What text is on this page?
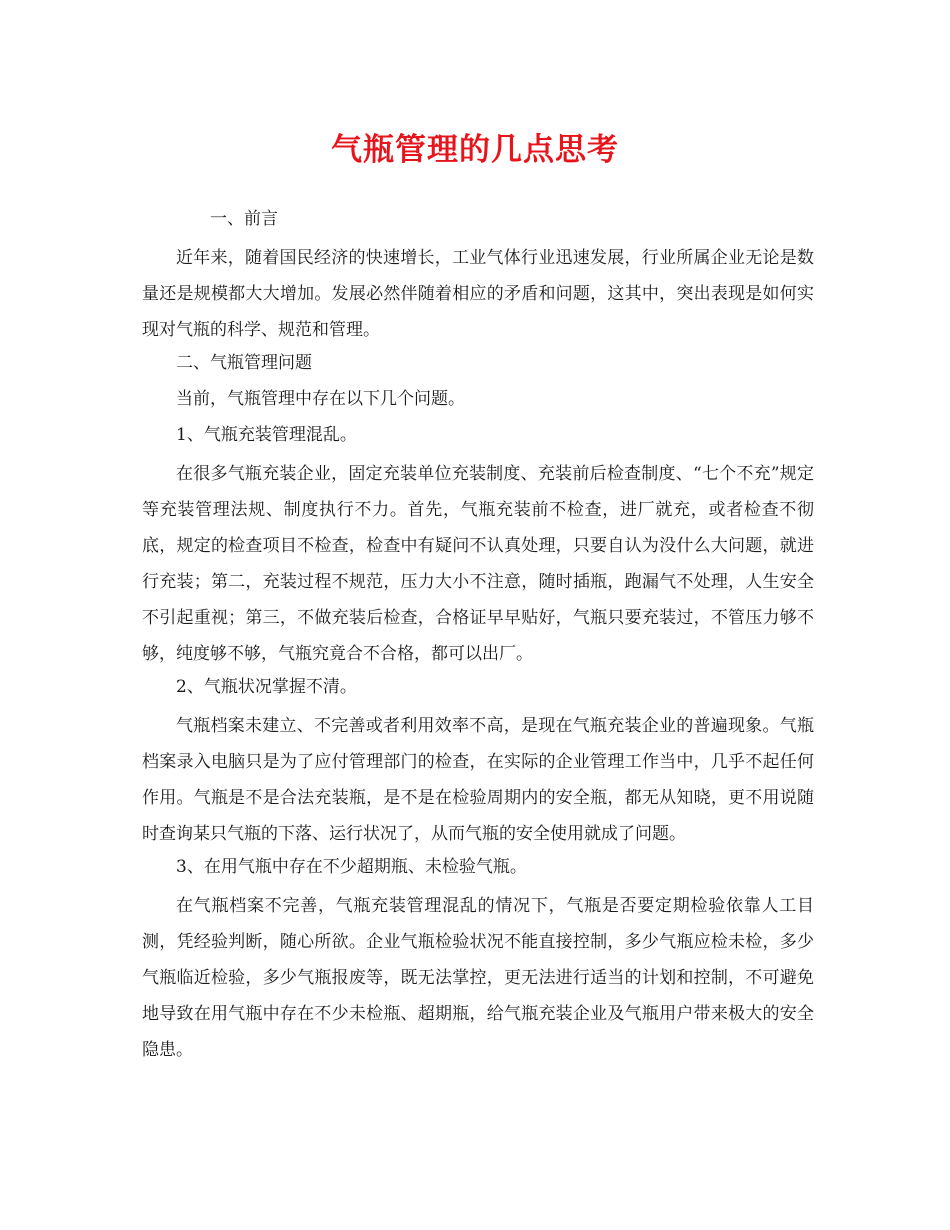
气瓶管理的几点思考

一、前言

近年来，随着国民经济的快速增长，工业气体行业迅速发展，行业所属企业无论是数量还是规模都大大增加。发展必然伴随着相应的矛盾和问题，这其中，突出表现是如何实现对气瓶的科学、规范和管理。

二、气瓶管理问题

当前，气瓶管理中存在以下几个问题。

1、气瓶充装管理混乱。

在很多气瓶充装企业，固定充装单位充装制度、充装前后检查制度、“七个不充”规定等充装管理法规、制度执行不力。首先，气瓶充装前不检查，进厂就充，或者检查不彻底，规定的检查项目不检查，检查中有疑问不认真处理，只要自认为没什么大问题，就进行充装；第二，充装过程不规范，压力大小不注意，随时插瓶，跑漏气不处理，人生安全不引起重视；第三，不做充装后检查，合格证早早贴好，气瓶只要充装过，不管压力够不够，纯度够不够，气瓶究竟合不合格，都可以出厂。

2、气瓶状况掌握不清。

气瓶档案未建立、不完善或者利用效率不高，是现在气瓶充装企业的普遍现象。气瓶档案录入电脑只是为了应付管理部门的检查，在实际的企业管理工作当中，几乎不起任何作用。气瓶是不是合法充装瓶，是不是在检验周期内的安全瓶，都无从知晓，更不用说随时查询某只气瓶的下落、运行状况了，从而气瓶的安全使用就成了问题。

3、在用气瓶中存在不少超期瓶、未检验气瓶。

在气瓶档案不完善，气瓶充装管理混乱的情况下，气瓶是否要定期检验依靠人工目测，凭经验判断，随心所欲。企业气瓶检验状况不能直接控制，多少气瓶应检未检，多少气瓶临近检验，多少气瓶报废等，既无法掌控，更无法进行适当的计划和控制，不可避免地导致在用气瓶中存在不少未检瓶、超期瓶，给气瓶充装企业及气瓶用户带来极大的安全隐患。
